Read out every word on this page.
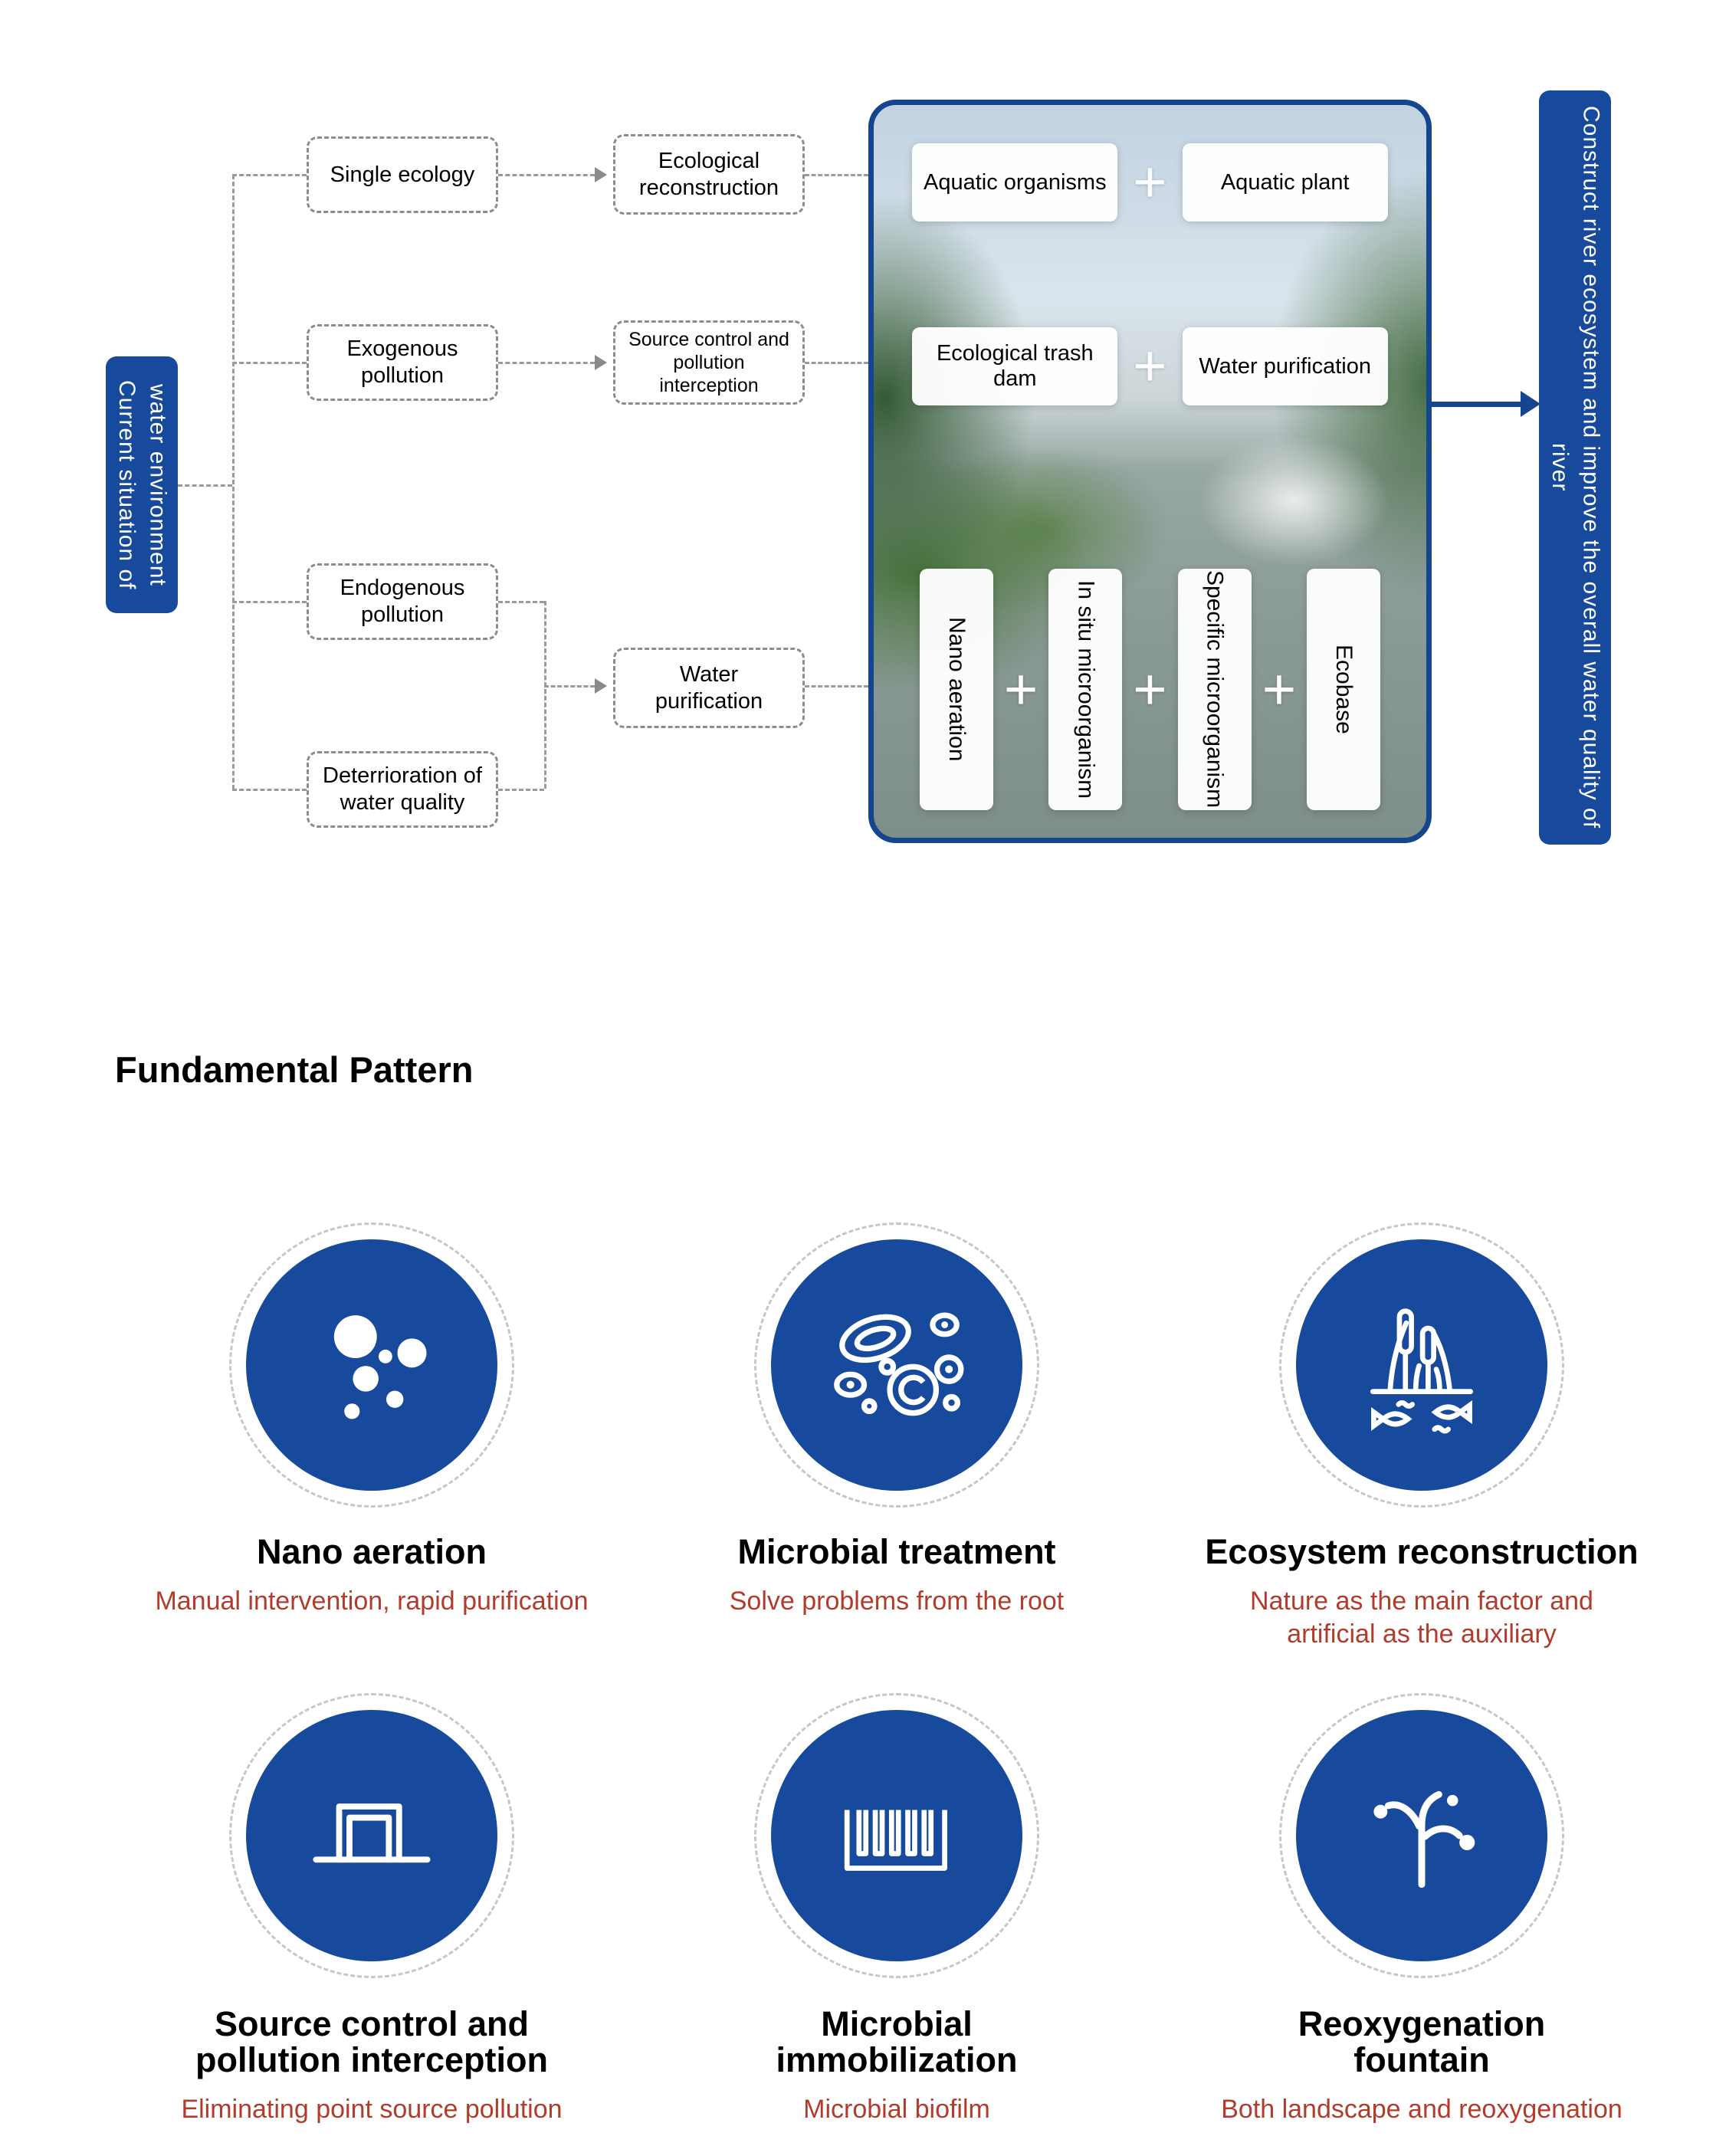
Current situation of water environment
Single ecology
Exogenous pollution
Endogenous pollution
Deterrioration of water quality
Ecological reconstruction
Source control and pollution interception
Water purification
Aquatic organisms + Aquatic plant
Ecological trash dam	+ Water purification
Nano aeration + In situ microorganism + Specific microorganism + Ecobase	Construct river ecosystem and improve the overall water quality of river
Fundamental Pattern
Nano aeration
Manual intervention, rapid purification
Microbial treatment
Solve problems from the root
Ecosystem reconstruction
Nature as the main factor and artificial as the auxiliary
Source control and pollution interception
Eliminating point source pollution
Microbial immobilization
Microbial biofilm
Reoxygenation fountain
Both landscape and reoxygenation
